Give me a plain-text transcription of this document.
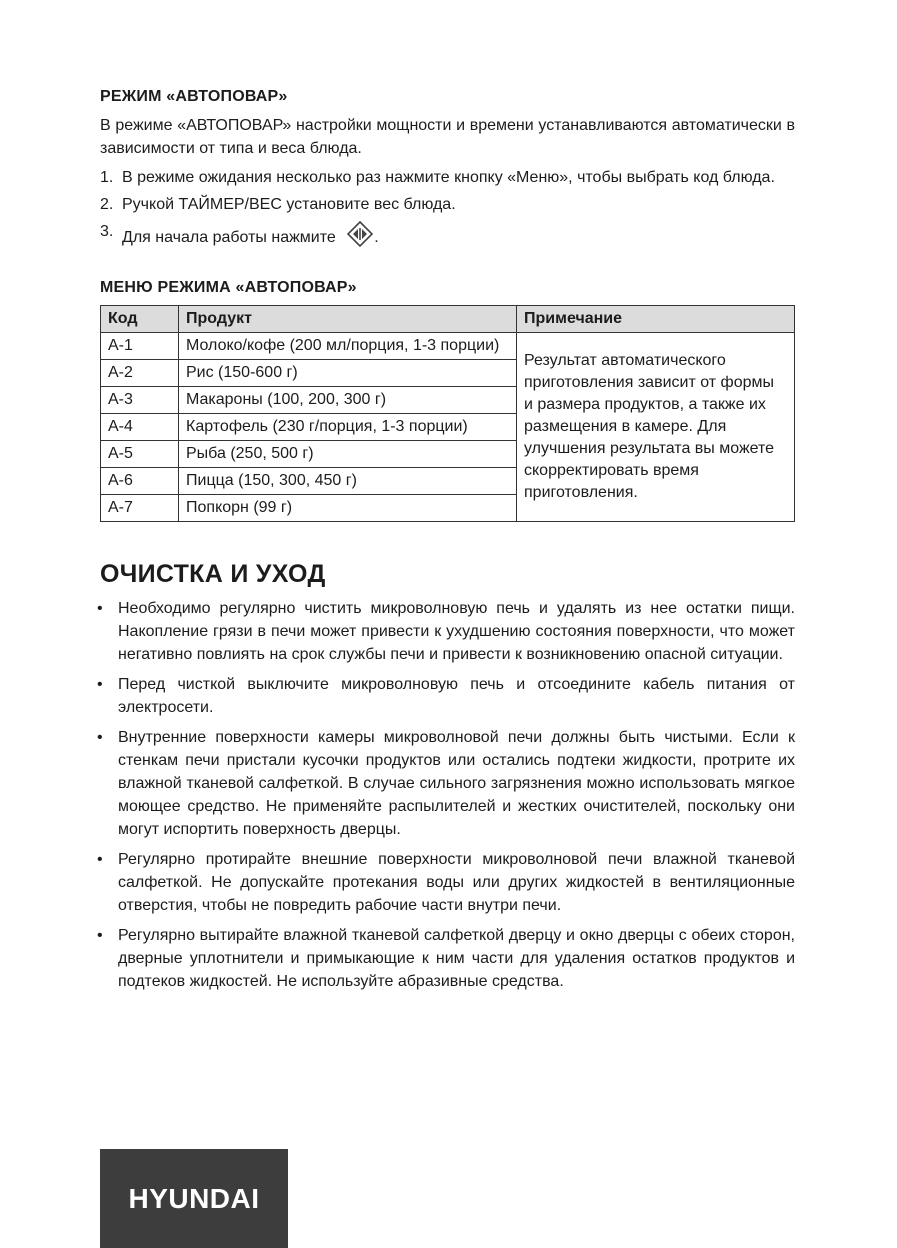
РЕЖИМ «АВТОПОВАР»

В режиме «АВТОПОВАР» настройки мощности и времени устанавливаются автоматически в зависимости от типа и веса блюда.

1. В режиме ожидания несколько раз нажмите кнопку «Меню», чтобы выбрать код блюда.
2. Ручкой ТАЙМЕР/ВЕС установите вес блюда.
3. Для начала работы нажмите .
МЕНЮ РЕЖИМА «АВТОПОВАР»
Код	Продукт	Примечание
А-1	Молоко/кофе (200 мл/порция, 1-3 порции)	Результат автоматического приготовления зависит от формы и размера продуктов, а также их размещения в камере. Для улучшения результата вы можете скорректировать время приготовления.
А-2	Рис (150-600 г)	
А-3	Макароны (100, 200, 300 г)	
А-4	Картофель (230 г/порция, 1-3 порции)	
А-5	Рыба (250, 500 г)	
А-6	Пицца (150, 300, 450 г)	
А-7	Попкорн (99 г)	
ОЧИСТКА И УХОД
• Необходимо регулярно чистить микроволновую печь и удалять из нее остатки пищи. Накопление грязи в печи может привести к ухудшению состояния поверхности, что может негативно повлиять на срок службы печи и привести к возникновению опасной ситуации.
• Перед чисткой выключите микроволновую печь и отсоедините кабель питания от электросети.
• Внутренние поверхности камеры микроволновой печи должны быть чистыми. Если к стенкам печи пристали кусочки продуктов или остались подтеки жидкости, протрите их влажной тканевой салфеткой. В случае сильного загрязнения можно использовать мягкое моющее средство. Не применяйте распылителей и жестких очистителей, поскольку они могут испортить поверхность дверцы.
• Регулярно протирайте внешние поверхности микроволновой печи влажной тканевой салфеткой. Не допускайте протекания воды или других жидкостей в вентиляционные отверстия, чтобы не повредить рабочие части внутри печи.
• Регулярно вытирайте влажной тканевой салфеткой дверцу и окно дверцы с обеих сторон, дверные уплотнители и примыкающие к ним части для удаления остатков продуктов и подтеков жидкостей. Не используйте абразивные средства.
HYUNDAI
